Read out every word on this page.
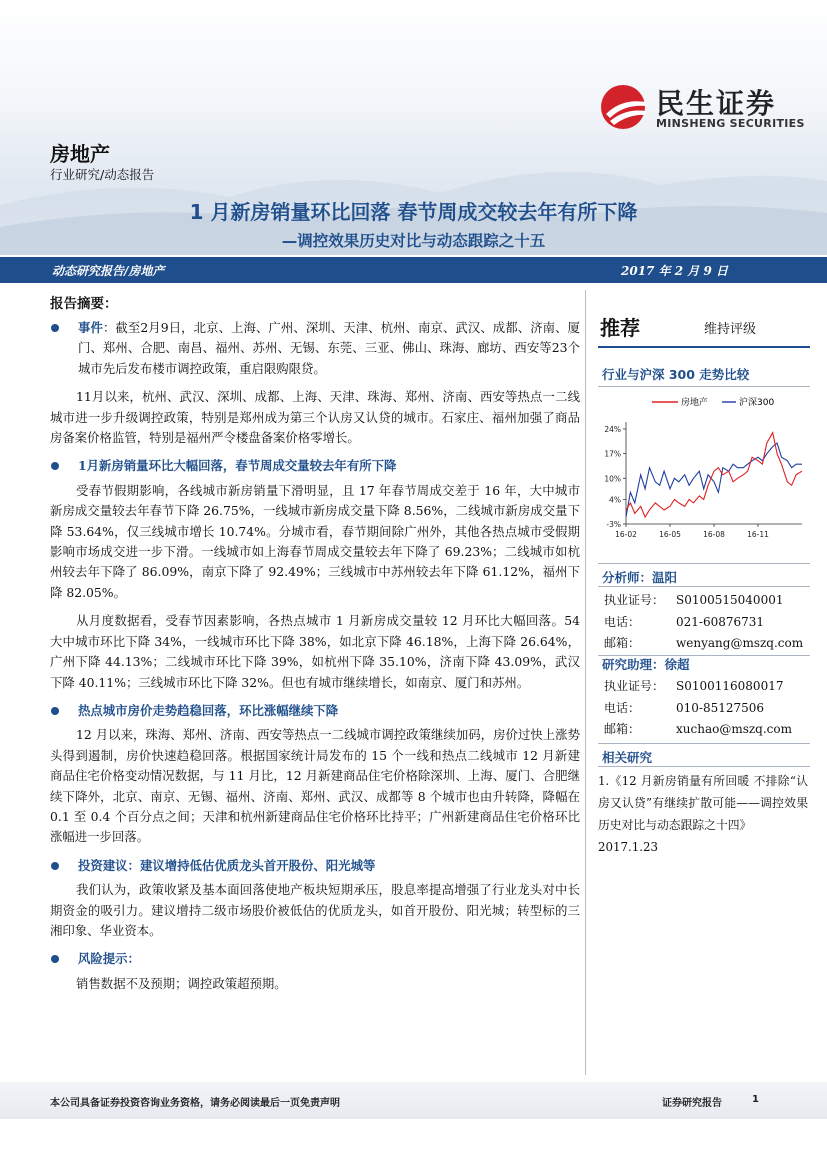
民生证券
MINSHENG SECURITIES
房地产
行业研究/动态报告
1 月新房销量环比回落 春节周成交较去年有所下降
—调控效果历史对比与动态跟踪之十五
动态研究报告/房地产	2017 年 2 月 9 日
报告摘要：
事件：截至2月9日，北京、上海、广州、深圳、天津、杭州、南京、武汉、成都、济南、厦门、郑州、合肥、南昌、福州、苏州、无锡、东莞、三亚、佛山、珠海、廊坊、西安等23个城市先后发布楼市调控政策，重启限购限贷。
11月以来，杭州、武汉、深圳、成都、上海、天津、珠海、郑州、济南、西安等热点一二线城市进一步升级调控政策，特别是郑州成为第三个认房又认贷的城市。石家庄、福州加强了商品房备案价格监管，特别是福州严令楼盘备案价格零增长。
1月新房销量环比大幅回落，春节周成交量较去年有所下降
受春节假期影响，各线城市新房销量下滑明显，且 17 年春节周成交差于 16 年，大中城市新房成交量较去年春节下降 26.75%，一线城市新房成交量下降 8.56%，二线城市新房成交量下降 53.64%，仅三线城市增长 10.74%。分城市看，春节期间除广州外，其他各热点城市受假期影响市场成交进一步下滑。一线城市如上海春节周成交量较去年下降了 69.23%；二线城市如杭州较去年下降了 86.09%，南京下降了 92.49%；三线城市中苏州较去年下降 61.12%，福州下降 82.05%。
从月度数据看，受春节因素影响，各热点城市 1 月新房成交量较 12 月环比大幅回落。54 大中城市环比下降 34%，一线城市环比下降 38%，如北京下降 46.18%，上海下降 26.64%，广州下降 44.13%；二线城市环比下降 39%，如杭州下降 35.10%，济南下降 43.09%，武汉下降 40.11%；三线城市环比下降 32%。但也有城市继续增长，如南京、厦门和苏州。
热点城市房价走势趋稳回落，环比涨幅继续下降
12 月以来，珠海、郑州、济南、西安等热点一二线城市调控政策继续加码，房价过快上涨势头得到遏制，房价快速趋稳回落。根据国家统计局发布的 15 个一线和热点二线城市 12 月新建商品住宅价格变动情况数据，与 11 月比，12 月新建商品住宅价格除深圳、上海、厦门、合肥继续下降外，北京、南京、无锡、福州、济南、郑州、武汉、成都等 8 个城市也由升转降，降幅在 0.1 至 0.4 个百分点之间；天津和杭州新建商品住宅价格环比持平；广州新建商品住宅价格环比涨幅进一步回落。
投资建议：建议增持低估优质龙头首开股份、阳光城等
我们认为，政策收紧及基本面回落使地产板块短期承压，股息率提高增强了行业龙头对中长期资金的吸引力。建议增持二级市场股价被低估的优质龙头，如首开股份、阳光城；转型标的三湘印象、华业资本。
风险提示：
销售数据不及预期；调控政策超预期。
推荐	维持评级
行业与沪深 300 走势比较
房地产	沪深300
24%
17%
10%
4%
-3%
16-02	16-05	16-08	16-11
分析师：温阳
执业证号： S0100515040001
电话：	021-60876731
邮箱：	wenyang@mszq.com
研究助理：徐超
执业证号： S0100116080017
电话：	010-85127506
邮箱：	xuchao@mszq.com
相关研究
1.《12 月新房销量有所回暖 不排除“认房又认贷”有继续扩散可能——调控效果历史对比与动态跟踪之十四》
2017.1.23
本公司具备证券投资咨询业务资格，请务必阅读最后一页免责声明	证券研究报告	1
